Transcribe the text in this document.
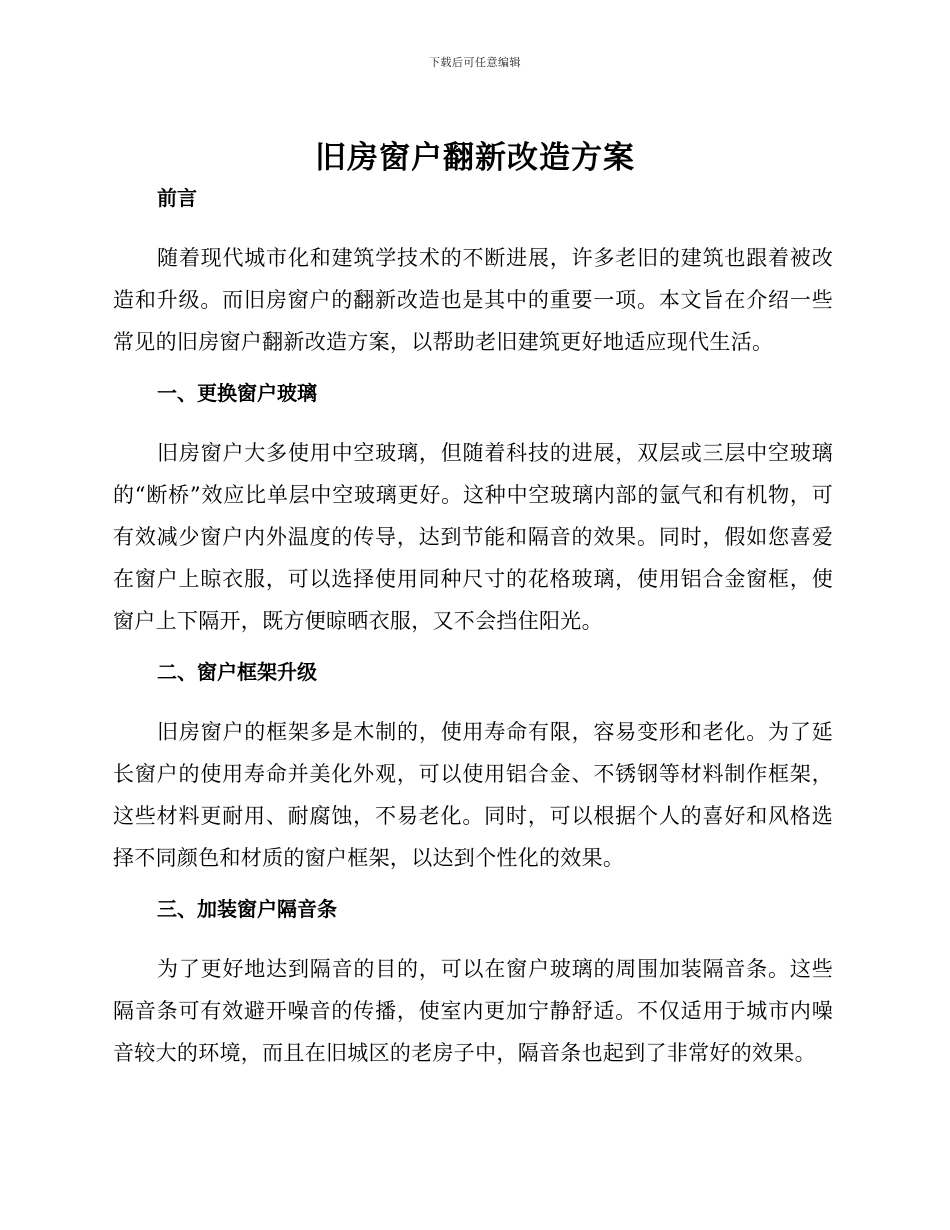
下载后可任意编辑
旧房窗户翻新改造方案
前言

随着现代城市化和建筑学技术的不断进展，许多老旧的建筑也跟着被改造和升级。而旧房窗户的翻新改造也是其中的重要一项。本文旨在介绍一些常见的旧房窗户翻新改造方案，以帮助老旧建筑更好地适应现代生活。

一、更换窗户玻璃

旧房窗户大多使用中空玻璃，但随着科技的进展，双层或三层中空玻璃的“断桥”效应比单层中空玻璃更好。这种中空玻璃内部的氩气和有机物，可有效减少窗户内外温度的传导，达到节能和隔音的效果。同时，假如您喜爱在窗户上晾衣服，可以选择使用同种尺寸的花格玻璃，使用铝合金窗框，使窗户上下隔开，既方便晾晒衣服，又不会挡住阳光。

二、窗户框架升级

旧房窗户的框架多是木制的，使用寿命有限，容易变形和老化。为了延长窗户的使用寿命并美化外观，可以使用铝合金、不锈钢等材料制作框架，这些材料更耐用、耐腐蚀，不易老化。同时，可以根据个人的喜好和风格选择不同颜色和材质的窗户框架，以达到个性化的效果。

三、加装窗户隔音条

为了更好地达到隔音的目的，可以在窗户玻璃的周围加装隔音条。这些隔音条可有效避开噪音的传播，使室内更加宁静舒适。不仅适用于城市内噪音较大的环境，而且在旧城区的老房子中，隔音条也起到了非常好的效果。
